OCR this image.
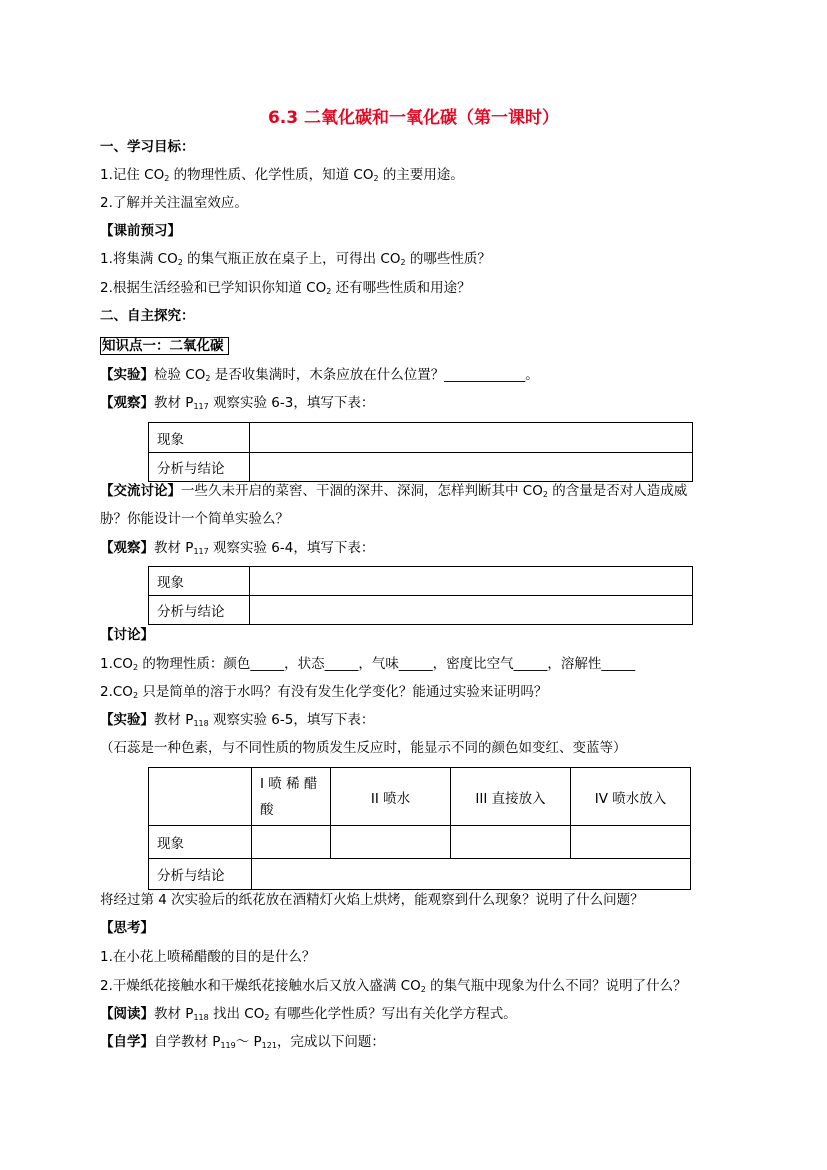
6.3 二氧化碳和一氧化碳（第一课时）
一、学习目标：
1.记住 $CO_2$ 的物理性质、化学性质，知道 $CO_2$ 的主要用途。
2.了解并关注温室效应。
【课前预习】
1.将集满 $CO_2$ 的集气瓶正放在桌子上，可得出 $CO_2$ 的哪些性质？
2.根据生活经验和已学知识你知道 $CO_2$ 还有哪些性质和用途？
二、自主探究：
知识点一：二氧化碳
【实验】检验 $CO_2$ 是否收集满时，木条应放在什么位置？____________。
【观察】教材 $P_{117}$ 观察实验 6-3，填写下表：
现象	
分析与结论	
【交流讨论】一些久未开启的菜窖、干涸的深井、深洞，怎样判断其中 $CO_2$ 的含量是否对人造成威
胁？你能设计一个简单实验么？
【观察】教材 $P_{117}$ 观察实验 6-4，填写下表：
现象	
分析与结论	
【讨论】
$1.CO_2$ 的物理性质：颜色_____，状态_____，气味_____，密度比空气_____，溶解性_____
$2.CO_2$ 只是简单的溶于水吗？有没有发生化学变化？能通过实验来证明吗？
【实验】教材 $P_{118}$ 观察实验 6-5，填写下表：
（石蕊是一种色素，与不同性质的物质发生反应时，能显示不同的颜色如变红、变蓝等）
	I 喷 稀 醋 酸	II 喷水	III 直接放入	IV 喷水放入
现象				
分析与结论				
将经过第 4 次实验后的纸花放在酒精灯火焰上烘烤，能观察到什么现象？说明了什么问题？
【思考】
1.在小花上喷稀醋酸的目的是什么？
2.干燥纸花接触水和干燥纸花接触水后又放入盛满 $CO_2$ 的集气瓶中现象为什么不同？说明了什么？
【阅读】教材 $P_{118}$ 找出 $CO_2$ 有哪些化学性质？写出有关化学方程式。
【自学】自学教材 $P_{119}\sim$ $P_{121}$，完成以下问题：
